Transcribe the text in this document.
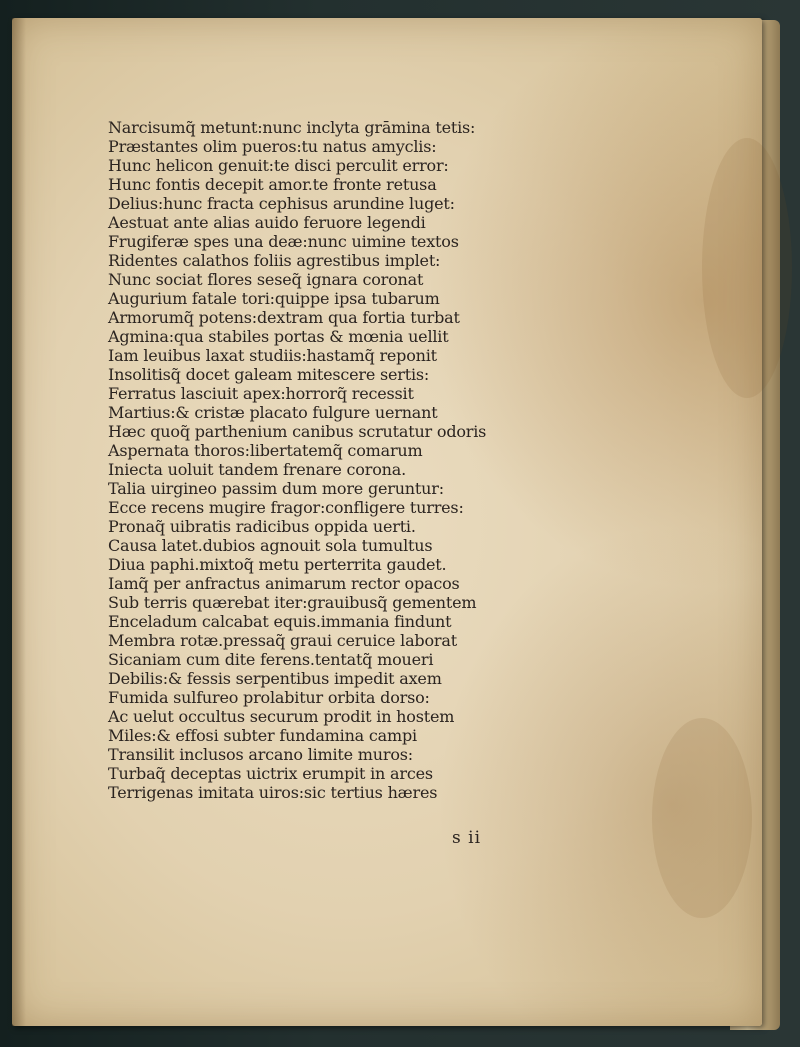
Narcisumq̃ metunt:nunc inclyta grāmina tetis:
Præstantes olim pueros:tu natus amyclis:
Hunc helicon genuit:te disci perculit error:
Hunc fontis decepit amor.te fronte retusa
Delius:hunc fracta cephisus arundine luget:
Aestuat ante alias auido feruore legendi
Frugiferæ spes una deæ:nunc uimine textos
Ridentes calathos foliis agrestibus implet:
Nunc sociat flores seseq̃ ignara coronat
Augurium fatale tori:quippe ipsa tubarum
Armorumq̃ potens:dextram qua fortia turbat
Agmina:qua stabiles portas & mœnia uellit
Iam leuibus laxat studiis:hastamq̃ reponit
Insolitisq̃ docet galeam mitescere sertis:
Ferratus lasciuit apex:horrorq̃ recessit
Martius:& cristæ placato fulgure uernant
Hæc quoq̃ parthenium canibus scrutatur odoris
Aspernata thoros:libertatemq̃ comarum
Iniecta uoluit tandem frenare corona.
Talia uirgineo passim dum more geruntur:
Ecce recens mugire fragor:confligere turres:
Pronaq̃ uibratis radicibus oppida uerti.
Causa latet.dubios agnouit sola tumultus
Diua paphi.mixtoq̃ metu perterrita gaudet.
Iamq̃ per anfractus animarum rector opacos
Sub terris quærebat iter:grauibusq̃ gementem
Enceladum calcabat equis.immania findunt
Membra rotæ.pressaq̃ graui ceruice laborat
Sicaniam cum dite ferens.tentatq̃ moueri
Debilis:& fessis serpentibus impedit axem
Fumida sulfureo prolabitur orbita dorso:
Ac uelut occultus securum prodit in hostem
Miles:& effosi subter fundamina campi
Transilit inclusos arcano limite muros:
Turbaq̃ deceptas uictrix erumpit in arces
Terrigenas imitata uiros:sic tertius hæres
s ii
